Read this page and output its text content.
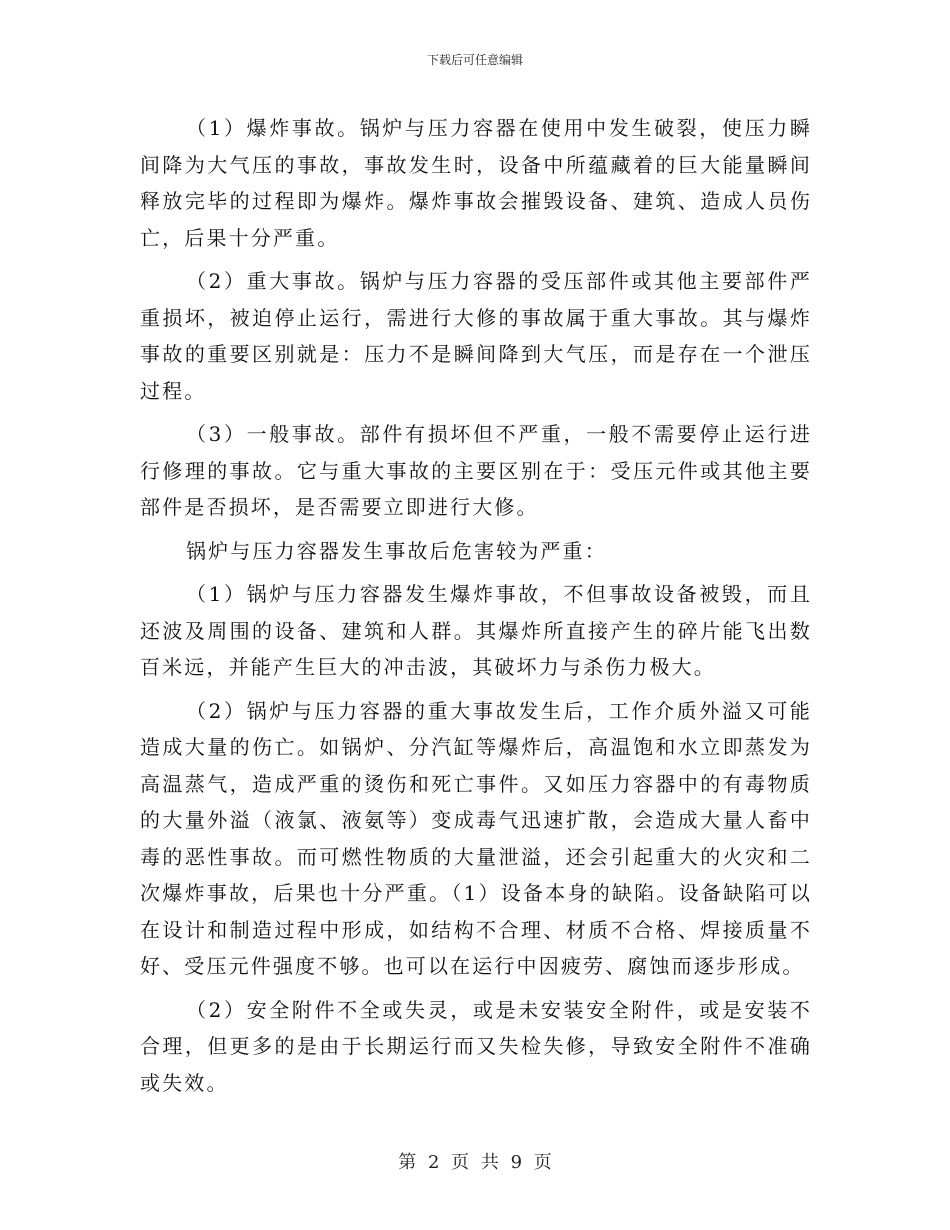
下载后可任意编辑

（1）爆炸事故。锅炉与压力容器在使用中发生破裂，使压力瞬间降为大气压的事故，事故发生时，设备中所蕴藏着的巨大能量瞬间释放完毕的过程即为爆炸。爆炸事故会摧毁设备、建筑、造成人员伤亡，后果十分严重。

（2）重大事故。锅炉与压力容器的受压部件或其他主要部件严重损坏，被迫停止运行，需进行大修的事故属于重大事故。其与爆炸事故的重要区别就是：压力不是瞬间降到大气压，而是存在一个泄压过程。

（3）一般事故。部件有损坏但不严重，一般不需要停止运行进行修理的事故。它与重大事故的主要区别在于：受压元件或其他主要部件是否损坏，是否需要立即进行大修。

锅炉与压力容器发生事故后危害较为严重：

（1）锅炉与压力容器发生爆炸事故，不但事故设备被毁，而且还波及周围的设备、建筑和人群。其爆炸所直接产生的碎片能飞出数百米远，并能产生巨大的冲击波，其破坏力与杀伤力极大。

（2）锅炉与压力容器的重大事故发生后，工作介质外溢又可能造成大量的伤亡。如锅炉、分汽缸等爆炸后，高温饱和水立即蒸发为高温蒸气，造成严重的烫伤和死亡事件。又如压力容器中的有毒物质的大量外溢（液氯、液氨等）变成毒气迅速扩散，会造成大量人畜中毒的恶性事故。而可燃性物质的大量泄溢，还会引起重大的火灾和二次爆炸事故，后果也十分严重。（1）设备本身的缺陷。设备缺陷可以在设计和制造过程中形成，如结构不合理、材质不合格、焊接质量不好、受压元件强度不够。也可以在运行中因疲劳、腐蚀而逐步形成。

（2）安全附件不全或失灵，或是未安装安全附件，或是安装不合理，但更多的是由于长期运行而又失检失修，导致安全附件不准确或失效。

第 2 页 共 9 页
